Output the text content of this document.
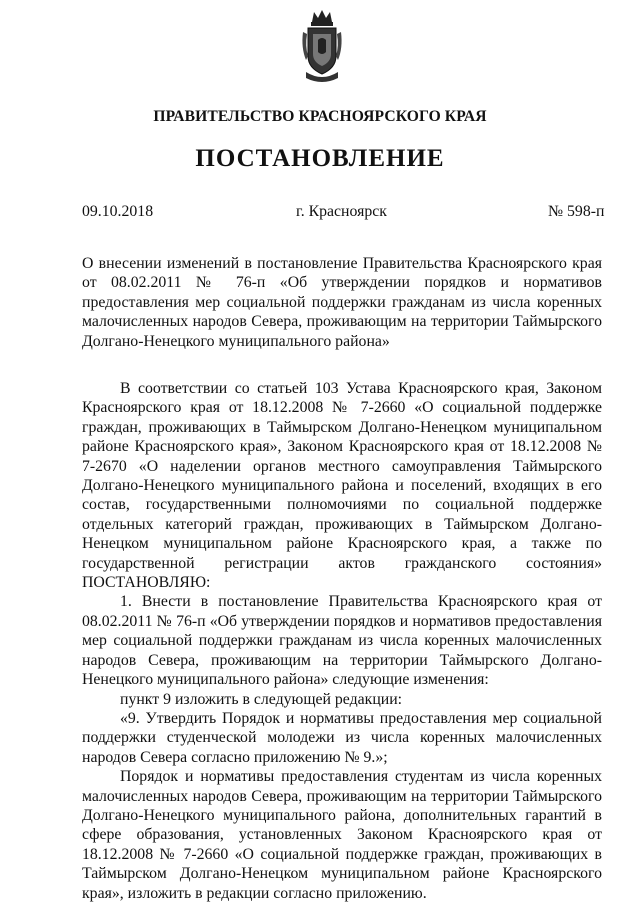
ПРАВИТЕЛЬСТВО КРАСНОЯРСКОГО КРАЯ
ПОСТАНОВЛЕНИЕ
09.10.2018	г. Красноярск	№ 598-п
О внесении изменений в постановление Правительства Красноярского края от 08.02.2011 № 76-п «Об утверждении порядков и нормативов предоставления мер социальной поддержки гражданам из числа коренных малочисленных народов Севера, проживающим на территории Таймырского Долгано-Ненецкого муниципального района»

В соответствии со статьей 103 Устава Красноярского края, Законом Красноярского края от 18.12.2008 № 7-2660 «О социальной поддержке граждан, проживающих в Таймырском Долгано-Ненецком муниципальном районе Красноярского края», Законом Красноярского края от 18.12.2008 № 7-2670 «О наделении органов местного самоуправления Таймырского Долгано-Ненецкого муниципального района и поселений, входящих в его состав, государственными полномочиями по социальной поддержке отдельных категорий граждан, проживающих в Таймырском Долгано-Ненецком муниципальном районе Красноярского края, а также по государственной регистрации актов гражданского состояния» ПОСТАНОВЛЯЮ:

1. Внести в постановление Правительства Красноярского края от 08.02.2011 № 76-п «Об утверждении порядков и нормативов предоставления мер социальной поддержки гражданам из числа коренных малочисленных народов Севера, проживающим на территории Таймырского Долгано-Ненецкого муниципального района» следующие изменения:

пункт 9 изложить в следующей редакции:

«9. Утвердить Порядок и нормативы предоставления мер социальной поддержки студенческой молодежи из числа коренных малочисленных народов Севера согласно приложению № 9.»;

Порядок и нормативы предоставления студентам из числа коренных малочисленных народов Севера, проживающим на территории Таймырского Долгано-Ненецкого муниципального района, дополнительных гарантий в сфере образования, установленных Законом Красноярского края от 18.12.2008 № 7-2660 «О социальной поддержке граждан, проживающих в Таймырском Долгано-Ненецком муниципальном районе Красноярского края», изложить в редакции согласно приложению.
